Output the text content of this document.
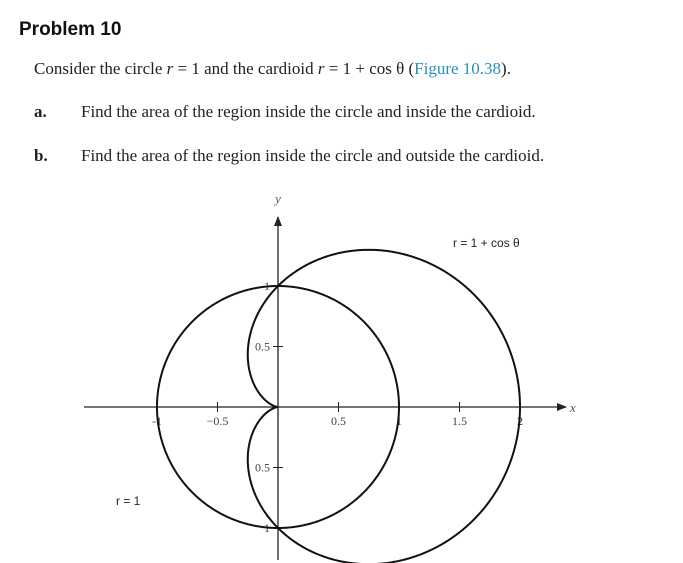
Problem 10
Consider the circle r = 1 and the cardioid r = 1 + cos θ (Figure 10.38).
a. Find the area of the region inside the circle and inside the cardioid.
b. Find the area of the region inside the circle and outside the cardioid.
-1	−0.5	0.5	1	1.5	2
1
0.5
0.5
1
x
y
r = 1 + cos θ
r = 1
